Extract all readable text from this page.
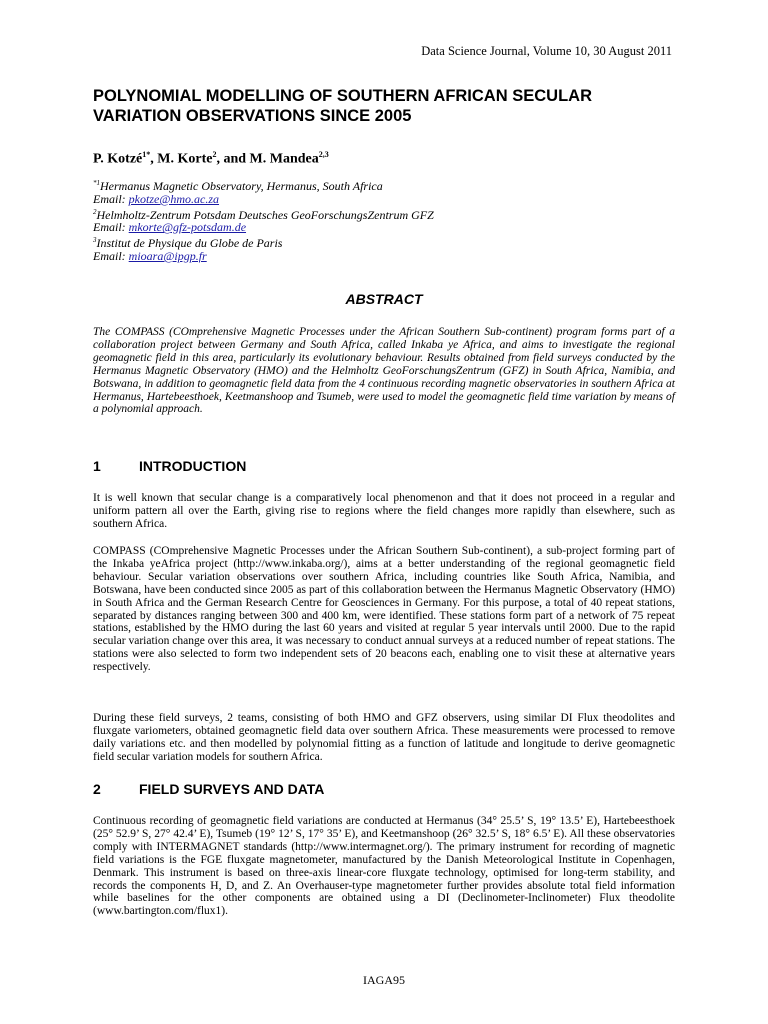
Data Science Journal, Volume 10, 30 August 2011
POLYNOMIAL MODELLING OF SOUTHERN AFRICAN SECULAR VARIATION OBSERVATIONS SINCE 2005

P. Kotzé$^{1*}$, M. Korte$^2$, and M. Mandea$^{2,3}$

$^{*1}$Hermanus Magnetic Observatory, Hermanus, South Africa
Email: pkotze@hmo.ac.za
$^2$Helmholtz-Zentrum Potsdam Deutsches GeoForschungsZentrum GFZ
Email: mkorte@gfz-potsdam.de
$^3$Institut de Physique du Globe de Paris
Email: mioara@ipgp.fr
ABSTRACT

The COMPASS (COmprehensive Magnetic Processes under the African Southern Sub-continent) program forms part of a collaboration project between Germany and South Africa, called Inkaba ye Africa, and aims to investigate the regional geomagnetic field in this area, particularly its evolutionary behaviour. Results obtained from field surveys conducted by the Hermanus Magnetic Observatory (HMO) and the Helmholtz GeoForschungsZentrum (GFZ) in South Africa, Namibia, and Botswana, in addition to geomagnetic field data from the 4 continuous recording magnetic observatories in southern Africa at Hermanus, Hartebeesthoek, Keetmanshoop and Tsumeb, were used to model the geomagnetic field time variation by means of a polynomial approach.

1	INTRODUCTION

It is well known that secular change is a comparatively local phenomenon and that it does not proceed in a regular and uniform pattern all over the Earth, giving rise to regions where the field changes more rapidly than elsewhere, such as southern Africa.

COMPASS (COmprehensive Magnetic Processes under the African Southern Sub-continent), a sub-project forming part of the Inkaba yeAfrica project (http://www.inkaba.org/), aims at a better understanding of the regional geomagnetic field behaviour. Secular variation observations over southern Africa, including countries like South Africa, Namibia, and Botswana, have been conducted since 2005 as part of this collaboration between the Hermanus Magnetic Observatory (HMO) in South Africa and the German Research Centre for Geosciences in Germany. For this purpose, a total of 40 repeat stations, separated by distances ranging between 300 and 400 km, were identified. These stations form part of a network of 75 repeat stations, established by the HMO during the last 60 years and visited at regular 5 year intervals until 2000. Due to the rapid secular variation change over this area, it was necessary to conduct annual surveys at a reduced number of repeat stations. The stations were also selected to form two independent sets of 20 beacons each, enabling one to visit these at alternative years respectively.

During these field surveys, 2 teams, consisting of both HMO and GFZ observers, using similar DI Flux theodolites and fluxgate variometers, obtained geomagnetic field data over southern Africa. These measurements were processed to remove daily variations etc. and then modelled by polynomial fitting as a function of latitude and longitude to derive geomagnetic field secular variation models for southern Africa.

2	FIELD SURVEYS AND DATA

Continuous recording of geomagnetic field variations are conducted at Hermanus (34° 25.5’ S, 19° 13.5’ E), Hartebeesthoek (25° 52.9’ S, 27° 42.4’ E), Tsumeb (19° 12’ S, 17° 35’ E), and Keetmanshoop (26° 32.5’ S, 18° 6.5’ E). All these observatories comply with INTERMAGNET standards (http://www.intermagnet.org/). The primary instrument for recording of magnetic field variations is the FGE fluxgate magnetometer, manufactured by the Danish Meteorological Institute in Copenhagen, Denmark. This instrument is based on three-axis linear-core fluxgate technology, optimised for long-term stability, and records the components H, D, and Z. An Overhauser-type magnetometer further provides absolute total field information while baselines for the other components are obtained using a DI (Declinometer-Inclinometer) Flux theodolite (www.bartington.com/flux1).

IAGA95
